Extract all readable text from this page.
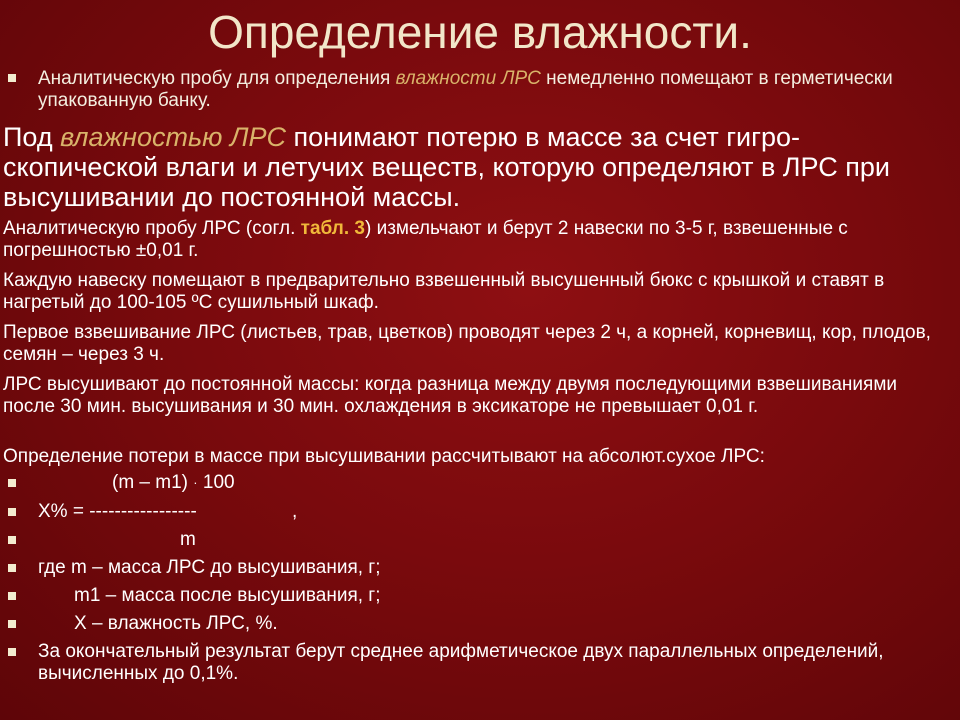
Определение влажности.
Аналитическую пробу для определения влажности ЛРС немедленно помещают в герметически упакованную банку.
Под влажностью ЛРС понимают потерю в массе за счет гигро-скопической влаги и летучих веществ, которую определяют в ЛРС при высушивании до постоянной массы.
Аналитическую пробу ЛРС (согл. табл. 3) измельчают и берут 2 навески по 3-5 г, взвешенные с погрешностью ±0,01 г.
Каждую навеску помещают в предварительно взвешенный высушенный бюкс с крышкой и ставят в нагретый до 100-105 ºС сушильный шкаф.
Первое взвешивание ЛРС (листьев, трав, цветков) проводят через 2 ч, а корней, корневищ, кор, плодов, семян – через 3 ч.
ЛРС высушивают до постоянной массы: когда разница между двумя последующими взвешиваниями после 30 мин. высушивания и 30 мин. охлаждения в эксикаторе не превышает 0,01 г.
Определение потери в массе при высушивании рассчитывают на абсолют.сухое ЛРС:
(m – m1) · 100
X% = -----------------	,
m
где m – масса ЛРС до высушивания, г;
m1 – масса после высушивания, г;
X – влажность ЛРС, %.
За окончательный результат берут среднее арифметическое двух параллельных определений, вычисленных до 0,1%.
